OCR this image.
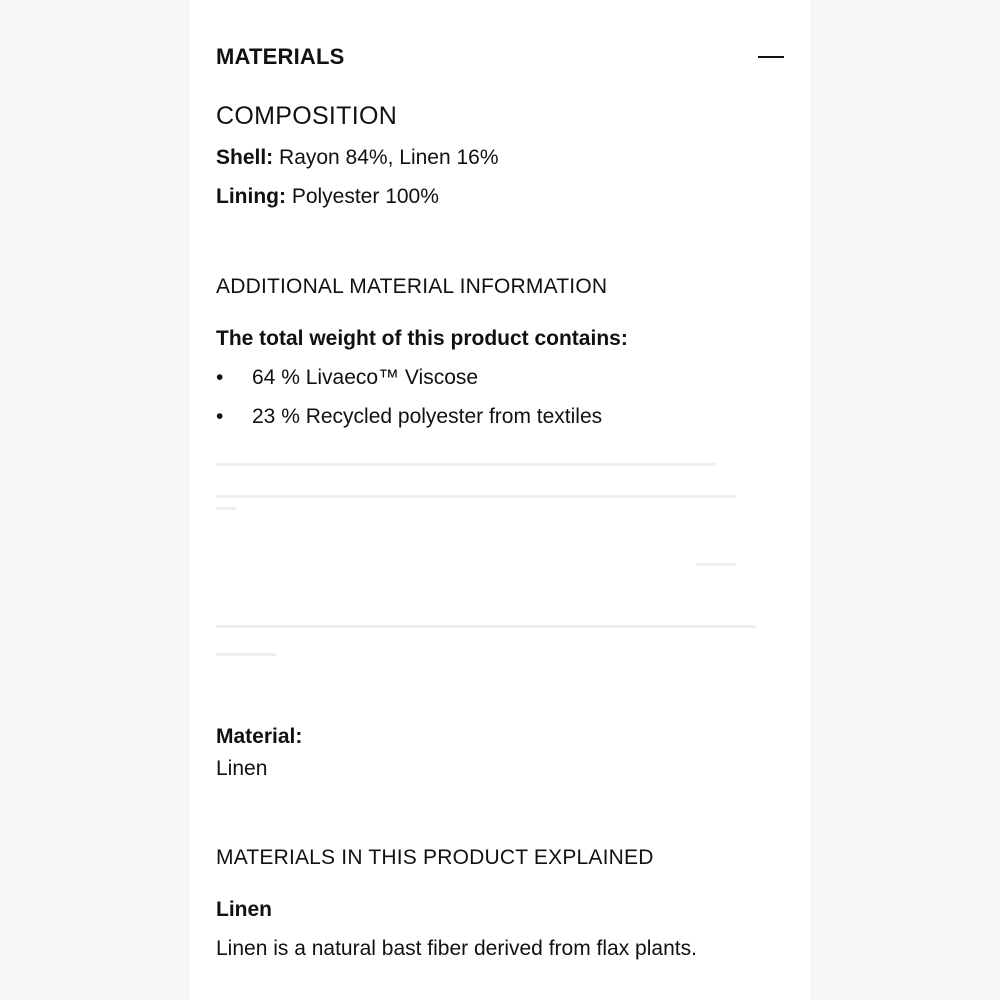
MATERIALS
COMPOSITION
Shell: Rayon 84%, Linen 16%
Lining: Polyester 100%
ADDITIONAL MATERIAL INFORMATION
The total weight of this product contains:
• 64 % Livaeco™ Viscose
• 23 % Recycled polyester from textiles
Material:
Linen
MATERIALS IN THIS PRODUCT EXPLAINED
Linen
Linen is a natural bast fiber derived from flax plants.
